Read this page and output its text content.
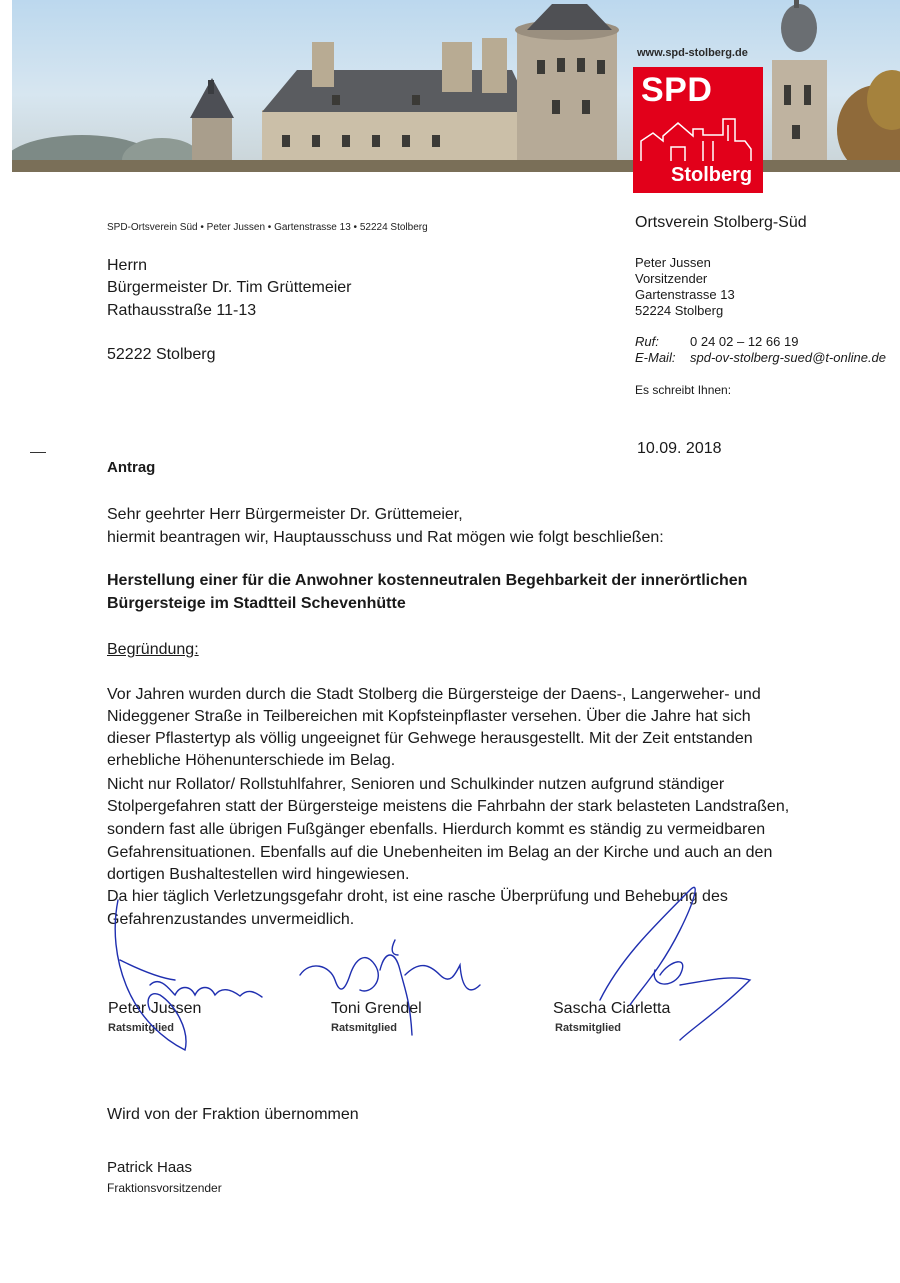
www.spd-stolberg.de
SPD
Stolberg
SPD-Ortsverein Süd • Peter Jussen • Gartenstrasse 13 • 52224 Stolberg
Herrn
Bürgermeister Dr. Tim Grüttemeier
Rathausstraße 11-13
52222 Stolberg
Ortsverein Stolberg-Süd
Peter Jussen
Vorsitzender
Gartenstrasse 13
52224 Stolberg
Ruf: 0 24 02 – 12 66 19
E-Mail: spd-ov-stolberg-sued@t-online.de
Es schreibt Ihnen:
10.09. 2018
Antrag
Sehr geehrter Herr Bürgermeister Dr. Grüttemeier,
hiermit beantragen wir, Hauptausschuss und Rat mögen wie folgt beschließen:
Herstellung einer für die Anwohner kostenneutralen Begehbarkeit der innerörtlichen
Bürgersteige im Stadtteil Schevenhütte
Begründung:
Vor Jahren wurden durch die Stadt Stolberg die Bürgersteige der Daens-, Langerweher- und
Nideggener Straße in Teilbereichen mit Kopfsteinpflaster versehen. Über die Jahre hat sich
dieser Pflastertyp als völlig ungeeignet für Gehwege herausgestellt. Mit der Zeit entstanden
erhebliche Höhenunterschiede im Belag.
Nicht nur Rollator/ Rollstuhlfahrer, Senioren und Schulkinder nutzen aufgrund ständiger
Stolpergefahren statt der Bürgersteige meistens die Fahrbahn der stark belasteten Landstraßen,
sondern fast alle übrigen Fußgänger ebenfalls. Hierdurch kommt es ständig zu vermeidbaren
Gefahrensituationen. Ebenfalls auf die Unebenheiten im Belag an der Kirche und auch an den
dortigen Bushaltestellen wird hingewiesen.
Da hier täglich Verletzungsgefahr droht, ist eine rasche Überprüfung und Behebung des
Gefahrenzustandes unvermeidlich.
Peter Jussen
Ratsmitglied
Toni Grendel
Ratsmitglied
Sascha Ciarletta
Ratsmitglied
Wird von der Fraktion übernommen
Patrick Haas
Fraktionsvorsitzender
